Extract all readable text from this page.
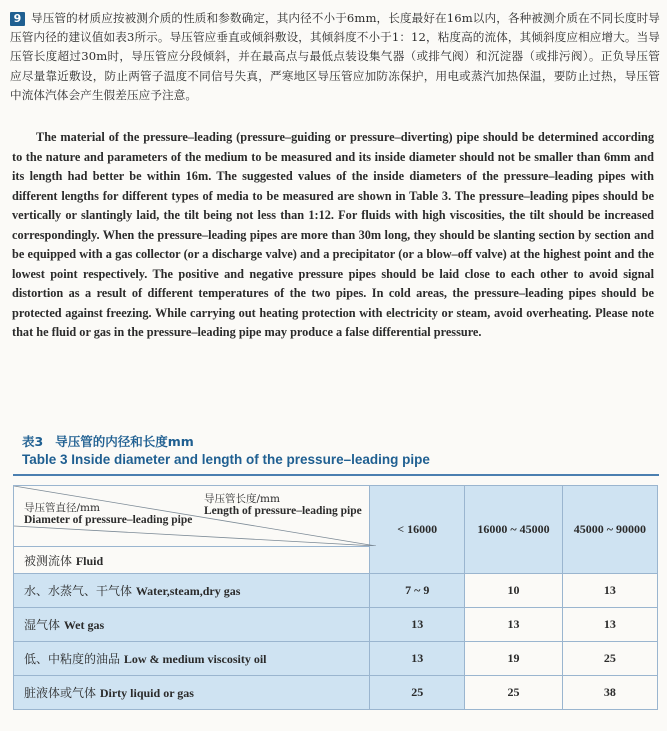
9 导压管的材质应按被测介质的性质和参数确定，其内径不小于6mm，长度最好在16m以内，各种被测介质在不同长度时导压管内径的建议值如表3所示。导压管应垂直或倾斜敷设，其倾斜度不小于1：12，粘度高的流体，其倾斜度应相应增大。当导压管长度超过30m时，导压管应分段倾斜，并在最高点与最低点装设集气器（或排气阀）和沉淀器（或排污阀）。正负导压管应尽量靠近敷设，防止两管子温度不同信号失真，严寒地区导压管应加防冻保护，用电或蒸汽加热保温，要防止过热，导压管中流体汽体会产生假差压应予注意。
The material of the pressure–leading (pressure–guiding or pressure–diverting) pipe should be determined according to the nature and parameters of the medium to be measured and its inside diameter should not be smaller than 6mm and its length had better be within 16m. The suggested values of the inside diameters of the pressure–leading pipes with different lengths for different types of media to be measured are shown in Table 3. The pressure–leading pipes should be vertically or slantingly laid, the tilt being not less than 1:12. For fluids with high viscosities, the tilt should be increased correspondingly. When the pressure–leading pipes are more than 30m long, they should be slanting section by section and be equipped with a gas collector (or a discharge valve) and a precipitator (or a blow–off valve) at the highest point and the lowest point respectively. The positive and negative pressure pipes should be laid close to each other to avoid signal distortion as a result of different temperatures of the two pipes. In cold areas, the pressure–leading pipes should be protected against freezing. While carrying out heating protection with electricity or steam, avoid overheating. Please note that he fluid or gas in the pressure–leading pipe may produce a false differential pressure.
表3 导压管的内径和长度mm
Table 3 Inside diameter and length of the pressure–leading pipe
导压管长度/mm
Length of pressure–leading pipe
导压管直径/mm
Diameter of pressure–leading pipe	< 16000	16000 ~ 45000	45000 ~ 90000
被测流体 Fluid			
水、水蒸气、干气体 Water,steam,dry gas	7 ~ 9	10	13
湿气体 Wet gas	13	13	13
低、中粘度的油品 Low & medium viscosity oil	13	19	25
脏液体或气体 Dirty liquid or gas	25	25	38
